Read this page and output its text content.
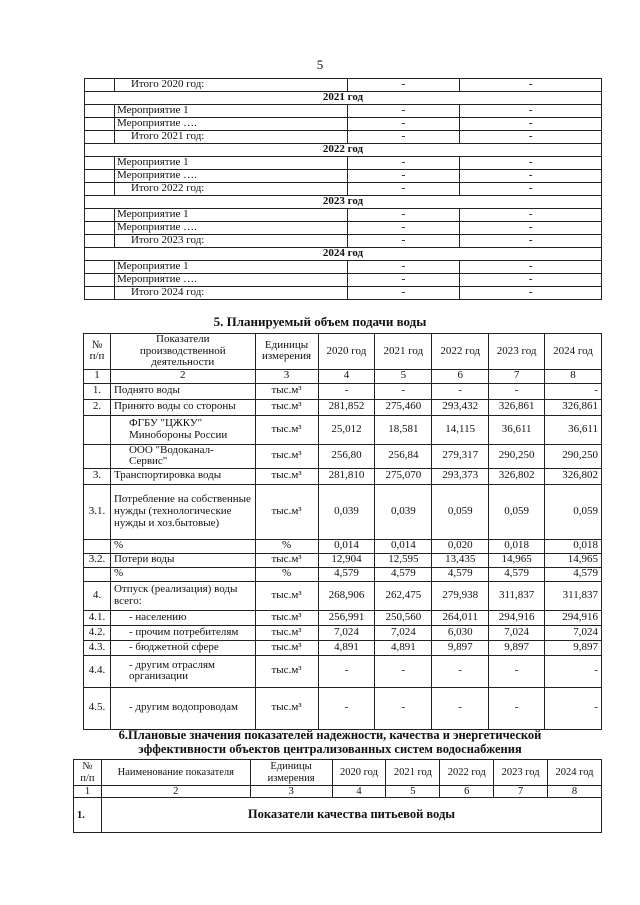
5
	Итого 2020 год:	-	-
2021 год			
	Мероприятие 1	-	-
	Мероприятие ….	-	-
	Итого 2021 год:	-	-
2022 год			
	Мероприятие 1	-	-
	Мероприятие ….	-	-
	Итого 2022 год:	-	-
2023 год			
	Мероприятие 1	-	-
	Мероприятие ….	-	-
	Итого 2023 год:	-	-
2024 год			
	Мероприятие 1	-	-
	Мероприятие ….	-	-
	Итого 2024 год:	-	-
5. Планируемый объем подачи воды
№ п/п	Показатели производственной деятельности	Единицы измерения	2020 год	2021 год	2022 год	2023 год	2024 год
1	2	3	4	5	6	7	8
1.	Поднято воды	тыс.м³	-	-	-	-	-
2.	Принято воды со стороны	тыс.м³	281,852	275,460	293,432	326,861	326,861
	ФГБУ "ЦЖКУ" Минобороны России	тыс.м³	25,012	18,581	14,115	36,611	36,611
	ООО "Водоканал-Сервис"	тыс.м³	256,80	256,84	279,317	290,250	290,250
3.	Транспортировка воды	тыс.м³	281,810	275,070	293,373	326,802	326,802
3.1.	Потребление на собственные нужды (технологические нужды и хоз.бытовые)	тыс.м³	0,039	0,039	0,059	0,059	0,059
	%	%	0,014	0,014	0,020	0,018	0,018
3.2.	Потери воды	тыс.м³	12,904	12,595	13,435	14,965	14,965
	%	%	4,579	4,579	4,579	4,579	4,579
4.	Отпуск (реализация) воды всего:	тыс.м³	268,906	262,475	279,938	311,837	311,837
4.1.	- населению	тыс.м³	256,991	250,560	264,011	294,916	294,916
4.2.	- прочим потребителям	тыс.м³	7,024	7,024	6,030	7,024	7,024
4.3.	- бюджетной сфере	тыс.м³	4,891	4,891	9,897	9,897	9,897
4.4.	- другим отраслям организации	тыс.м³	-	-	-	-	-
4.5.	- другим водопроводам	тыс.м³	-	-	-	-	-
6.Плановые значения показателей надежности, качества и энергетической
эффективности объектов централизованных систем водоснабжения
№ п/п	Наименование показателя	Единицы измерения	2020 год	2021 год	2022 год	2023 год	2024 год
1	2	3	4	5	6	7	8
1.	Показатели качества питьевой воды						
